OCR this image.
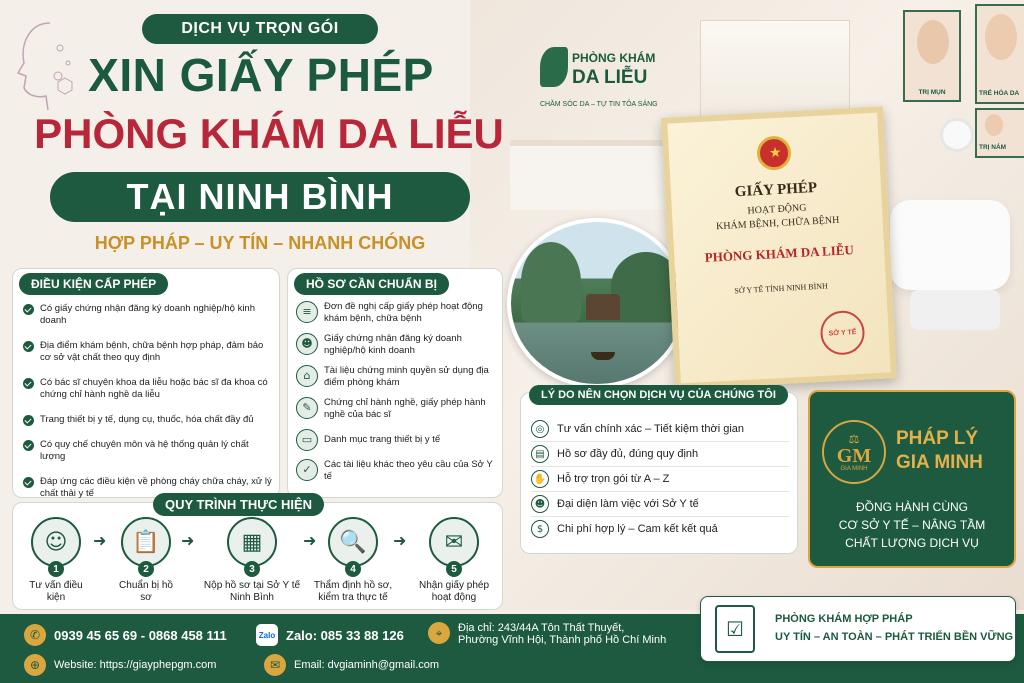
PHÒNG KHÁM
DA LIỄU
CHĂM SÓC DA – TỰ TIN TỎA SÁNG
TRỊ MỤN	TRẺ HÓA DA
TRỊ NÁM
★
GIẤY PHÉP
HOẠT ĐỘNG
KHÁM BỆNH, CHỮA BỆNH
PHÒNG KHÁM DA LIỄU
SỞ Y TẾ TỈNH NINH BÌNH
SỞ Y TẾ
DỊCH VỤ TRỌN GÓI
XIN GIẤY PHÉP
PHÒNG KHÁM DA LIỄU
TẠI NINH BÌNH
HỢP PHÁP – UY TÍN – NHANH CHÓNG
ĐIỀU KIỆN CẤP PHÉP
Có giấy chứng nhận đăng ký doanh nghiệp/hộ kinh doanh
Địa điểm khám bệnh, chữa bệnh hợp pháp, đảm bảo cơ sở vật chất theo quy định
Có bác sĩ chuyên khoa da liễu hoặc bác sĩ đa khoa có chứng chỉ hành nghề da liễu
Trang thiết bị y tế, dụng cụ, thuốc, hóa chất đầy đủ
Có quy chế chuyên môn và hệ thống quản lý chất lượng
Đáp ứng các điều kiện về phòng cháy chữa cháy, xử lý chất thải y tế
HỒ SƠ CẦN CHUẨN BỊ
≡	Đơn đề nghị cấp giấy phép hoạt động khám bệnh, chữa bệnh
☻	Giấy chứng nhận đăng ký doanh nghiệp/hộ kinh doanh
⌂	Tài liệu chứng minh quyền sử dụng địa điểm phòng khám
✎	Chứng chỉ hành nghề, giấy phép hành nghề của bác sĩ
▭	Danh mục trang thiết bị y tế
✓	Các tài liệu khác theo yêu cầu của Sở Y tế
QUY TRÌNH THỰC HIỆN
☺
1
Tư vấn điều kiện
➜	📋
2
Chuẩn bị hồ sơ
➜	▦
3
Nộp hồ sơ tại Sở Y tế Ninh Bình
➜	🔍
4
Thẩm định hồ sơ, kiểm tra thực tế
➜	✉
5
Nhận giấy phép hoạt động
LÝ DO NÊN CHỌN DỊCH VỤ CỦA CHÚNG TÔI
◎	Tư vấn chính xác – Tiết kiệm thời gian
▤	Hồ sơ đầy đủ, đúng quy định
✋ Hỗ trợ trọn gói từ A – Z
☻	Đại diện làm việc với Sở Y tế
$	Chi phí hợp lý – Cam kết kết quả
⚖
GM
GIA MINH
PHÁP LÝ
GIA MINH
ĐỒNG HÀNH CÙNG
CƠ SỞ Y TẾ – NÂNG TẦM
CHẤT LƯỢNG DỊCH VỤ
✆	0939 45 65 69 - 0868 458 111	Zalo Zalo: 085 33 88 126	⌖	Địa chỉ: 243/44A Tôn Thất Thuyết,
Phường Vĩnh Hội, Thành phố Hồ Chí Minh
⊕	Website: https://giayphepgm.com	✉	Email: dvgiaminh@gmail.com
☑	PHÒNG KHÁM HỢP PHÁP
UY TÍN – AN TOÀN – PHÁT TRIỂN BỀN VỮNG
